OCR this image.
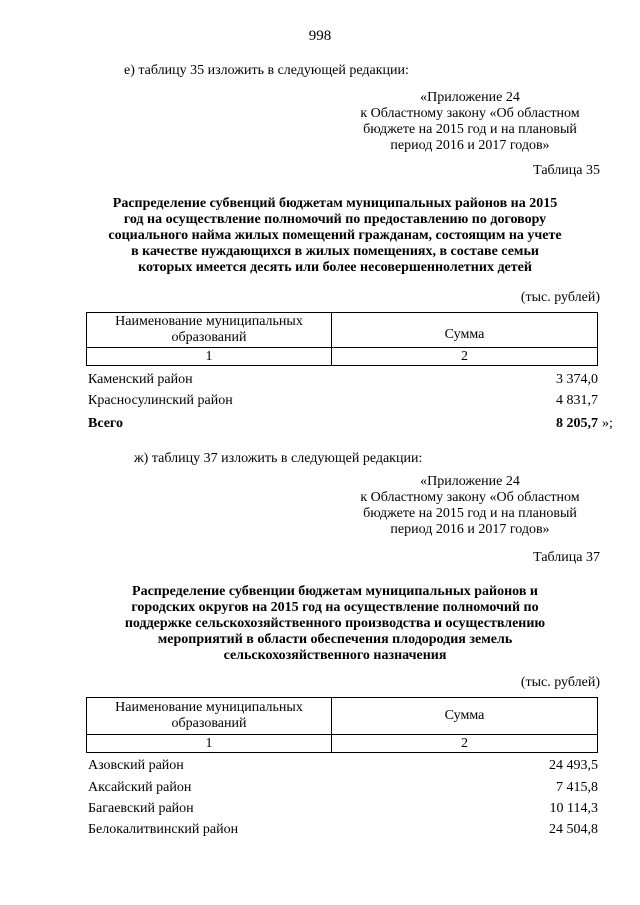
998
е) таблицу 35 изложить в следующей редакции:
«Приложение 24
к Областному закону «Об областном
бюджете на 2015 год и на плановый
период 2016 и 2017 годов»
Таблица 35
Распределение субвенций бюджетам муниципальных районов на 2015
год на осуществление полномочий по предоставлению по договору
социального найма жилых помещений гражданам, состоящим на учете
в качестве нуждающихся в жилых помещениях, в составе семьи
которых имеется десять или более несовершеннолетних детей
(тыс. рублей)
Наименование муниципальных
образований	Сумма
1	2
Каменский район	3 374,0
Красносулинский район	4 831,7
Всего	8 205,7 »;
ж) таблицу 37 изложить в следующей редакции:
«Приложение 24
к Областному закону «Об областном
бюджете на 2015 год и на плановый
период 2016 и 2017 годов»
Таблица 37
Распределение субвенции бюджетам муниципальных районов и
городских округов на 2015 год на осуществление полномочий по
поддержке сельскохозяйственного производства и осуществлению
мероприятий в области обеспечения плодородия земель
сельскохозяйственного назначения
(тыс. рублей)
Наименование муниципальных
образований	Сумма
1	2
Азовский район	24 493,5
Аксайский район	7 415,8
Багаевский район	10 114,3
Белокалитвинский район	24 504,8
